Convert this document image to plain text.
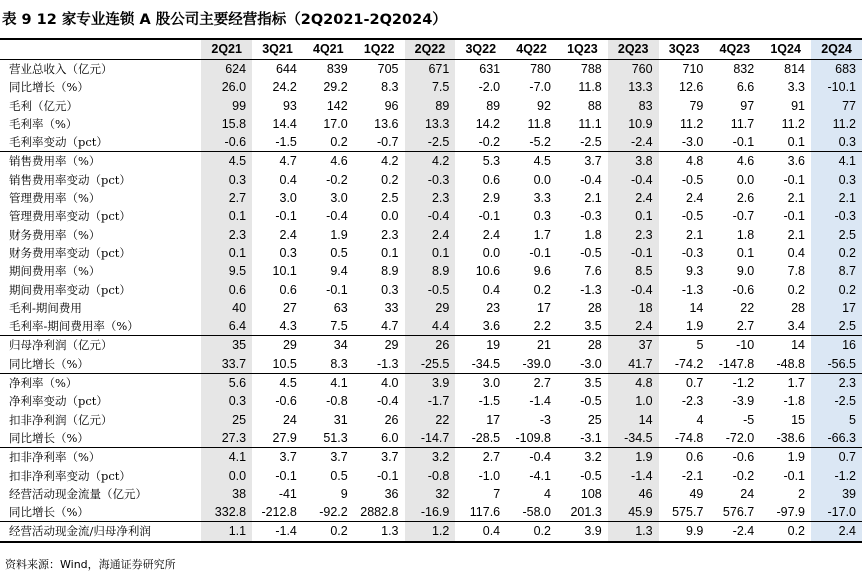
表 9 12 家专业连锁 A 股公司主要经营指标（2Q2021-2Q2024）
	2Q21	3Q21	4Q21	1Q22	2Q22	3Q22	4Q22	1Q23	2Q23	3Q23	4Q23	1Q24	2Q24
营业总收入（亿元）	624	644	839	705	671	631	780	788	760	710	832	814	683
同比增长（%）	26.0	24.2	29.2	8.3	7.5	-2.0	-7.0	11.8	13.3	12.6	6.6	3.3	-10.1
毛利（亿元）	99	93	142	96	89	89	92	88	83	79	97	91	77
毛利率（%）	15.8	14.4	17.0	13.6	13.3	14.2	11.8	11.1	10.9	11.2	11.7	11.2	11.2
毛利率变动（pct）	-0.6	-1.5	0.2	-0.7	-2.5	-0.2	-5.2	-2.5	-2.4	-3.0	-0.1	0.1	0.3
销售费用率（%）	4.5	4.7	4.6	4.2	4.2	5.3	4.5	3.7	3.8	4.8	4.6	3.6	4.1
销售费用率变动（pct）	0.3	0.4	-0.2	0.2	-0.3	0.6	0.0	-0.4	-0.4	-0.5	0.0	-0.1	0.3
管理费用率（%）	2.7	3.0	3.0	2.5	2.3	2.9	3.3	2.1	2.4	2.4	2.6	2.1	2.1
管理费用率变动（pct）	0.1	-0.1	-0.4	0.0	-0.4	-0.1	0.3	-0.3	0.1	-0.5	-0.7	-0.1	-0.3
财务费用率（%）	2.3	2.4	1.9	2.3	2.4	2.4	1.7	1.8	2.3	2.1	1.8	2.1	2.5
财务费用率变动（pct）	0.1	0.3	0.5	0.1	0.1	0.0	-0.1	-0.5	-0.1	-0.3	0.1	0.4	0.2
期间费用率（%）	9.5	10.1	9.4	8.9	8.9	10.6	9.6	7.6	8.5	9.3	9.0	7.8	8.7
期间费用率变动（pct）	0.6	0.6	-0.1	0.3	-0.5	0.4	0.2	-1.3	-0.4	-1.3	-0.6	0.2	0.2
毛利-期间费用	40	27	63	33	29	23	17	28	18	14	22	28	17
毛利率-期间费用率（%）	6.4	4.3	7.5	4.7	4.4	3.6	2.2	3.5	2.4	1.9	2.7	3.4	2.5
归母净利润（亿元）	35	29	34	29	26	19	21	28	37	5	-10	14	16
同比增长（%）	33.7	10.5	8.3	-1.3	-25.5	-34.5	-39.0	-3.0	41.7	-74.2	-147.8	-48.8	-56.5
净利率（%）	5.6	4.5	4.1	4.0	3.9	3.0	2.7	3.5	4.8	0.7	-1.2	1.7	2.3
净利率变动（pct）	0.3	-0.6	-0.8	-0.4	-1.7	-1.5	-1.4	-0.5	1.0	-2.3	-3.9	-1.8	-2.5
扣非净利润（亿元）	25	24	31	26	22	17	-3	25	14	4	-5	15	5
同比增长（%）	27.3	27.9	51.3	6.0	-14.7	-28.5	-109.8	-3.1	-34.5	-74.8	-72.0	-38.6	-66.3
扣非净利率（%）	4.1	3.7	3.7	3.7	3.2	2.7	-0.4	3.2	1.9	0.6	-0.6	1.9	0.7
扣非净利率变动（pct）	0.0	-0.1	0.5	-0.1	-0.8	-1.0	-4.1	-0.5	-1.4	-2.1	-0.2	-0.1	-1.2
经营活动现金流量（亿元）	38	-41	9	36	32	7	4	108	46	49	24	2	39
同比增长（%）	332.8	-212.8	-92.2	2882.8	-16.9	117.6	-58.0	201.3	45.9	575.7	576.7	-97.9	-17.0
经营活动现金流/归母净利润	1.1	-1.4	0.2	1.3	1.2	0.4	0.2	3.9	1.3	9.9	-2.4	0.2	2.4
资料来源：Wind，海通证券研究所
